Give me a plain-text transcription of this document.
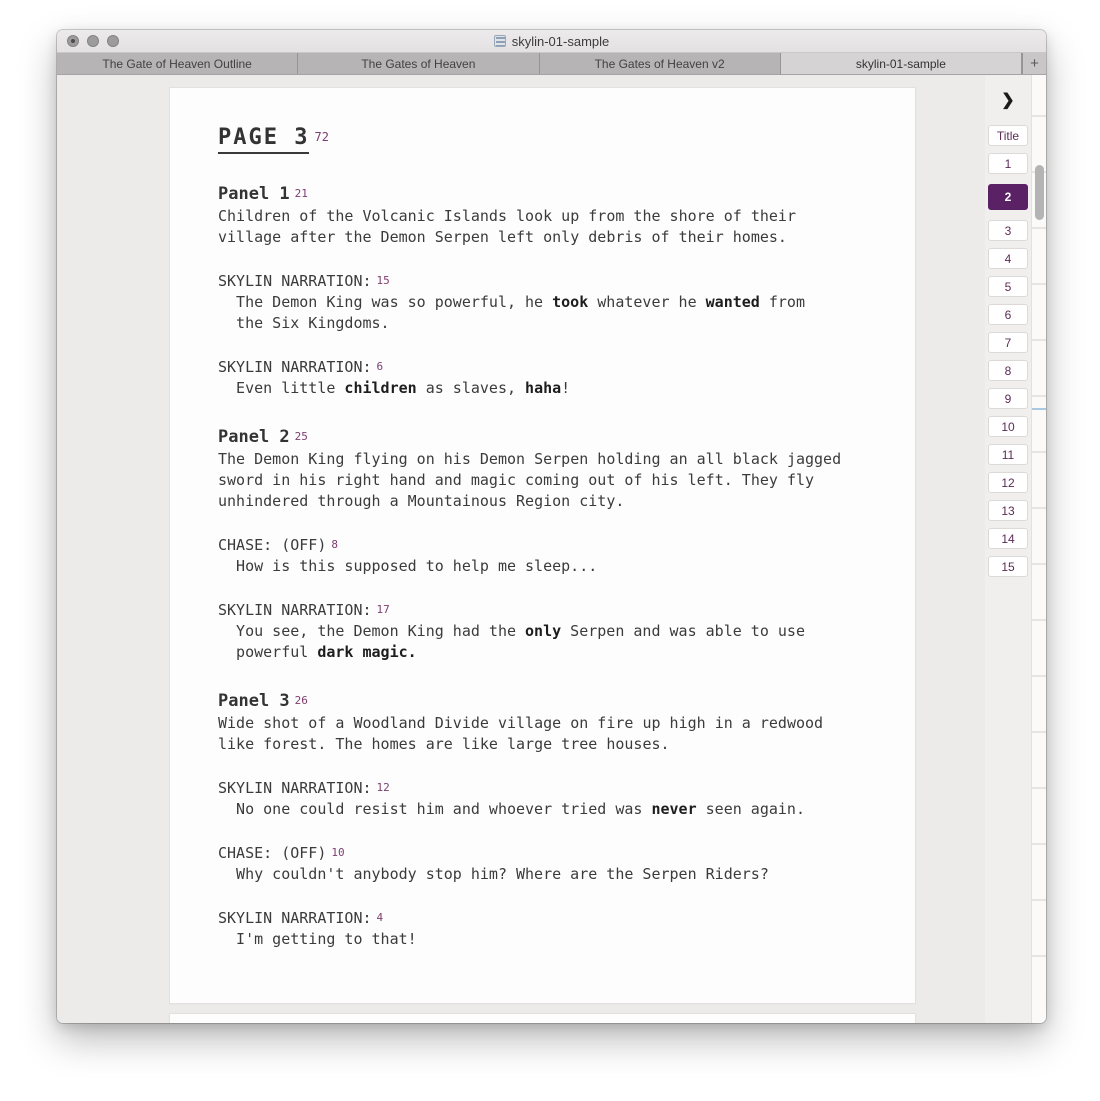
skylin-01-sample
The Gate of Heaven Outline	The Gates of Heaven	The Gates of Heaven v2	skylin-01-sample	+
PAGE 3 72
Panel 1 21
Children of the Volcanic Islands look up from the shore of their village after the Demon Serpen left only debris of their homes.
SKYLIN NARRATION: 15
The Demon King was so powerful, he took whatever he wanted from the Six Kingdoms.
SKYLIN NARRATION: 6
Even little children as slaves, haha!
Panel 2 25
The Demon King flying on his Demon Serpen holding an all black jagged sword in his right hand and magic coming out of his left. They fly unhindered through a Mountainous Region city.
CHASE: (OFF) 8
How is this supposed to help me sleep...
SKYLIN NARRATION: 17
You see, the Demon King had the only Serpen and was able to use powerful dark magic.
Panel 3 26
Wide shot of a Woodland Divide village on fire up high in a redwood like forest. The homes are like large tree houses.
SKYLIN NARRATION: 12
No one could resist him and whoever tried was never seen again.
CHASE: (OFF) 10
Why couldn't anybody stop him? Where are the Serpen Riders?
SKYLIN NARRATION: 4
I'm getting to that!
❯
Title
1
2
3
4
5
6
7
8
9
10
11
12
13
14
15
